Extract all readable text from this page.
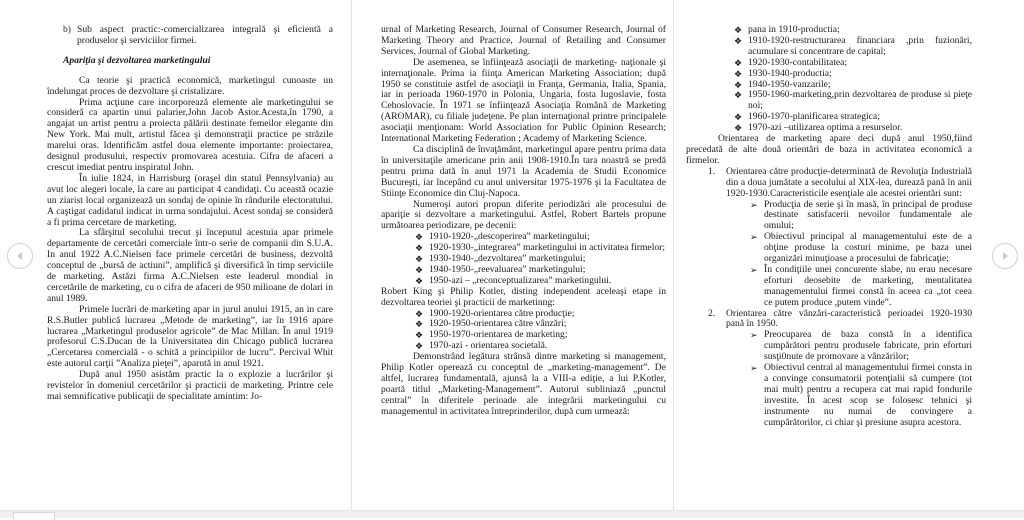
b) Sub aspect practic:-comercializarea integrală şi eficientă a produselor şi serviciilor firmei.

Apariţia şi dezvoltarea marketingului

Ca teorie şi practică economică, marketingul cunoaste un îndelungat proces de dezvoltare şi cristalizare.

Prima acţiune care incorporează elemente ale marketingului se consideră ca apartin unui palarier,John Jacob Astor.Acesta,în 1790, a angajat un artist pentru a proiecta pălării destinate femeilor elegante din New York. Mai mult, artistul făcea şi demonstraţii practice pe străzile marelui oras. Identificăm astfel doua elemente importante: proiectarea, designul produsului, respectiv promovarea acestuia. Cifra de afaceri a crescut imediat pentru inspiratul John.

În iulie 1824, in Harrisburg (oraşel din statul Pennsylvania) au avut loc alegeri locale, la care au participat 4 candidaţi. Cu această ocazie un ziarist local organizează un sondaj de opinie în rândurile electoratului. A caştigat cadidatul indicat in urma sondajului. Acest sondaj se consideră a fi prima cercetare de marketing.

La sfârşitul secolului trecut şi începutul acestuia apar primele departamente de cercetări comerciale într-o serie de companii din S.U.A. In anul 1922 A.C.Nielsen face primele cercetări de business, dezvoltă conceptul de „bursă de actiuni”, amplifică şi diversifică în timp serviciile de marketing. Astăzi firma A.C.Nielsen este leaderul mondial in cercetările de marketing, cu o cifra de afaceri de 950 milioane de dolari in anul 1989.

Primele lucrări de marketing apar in jurul anului 1915, an in care R.S.Butler publică lucrarea „Metode de marketing”, iar în 1916 apare lucrarea „Marketingul produselor agricole” de Mac Millan. În anul 1919 profesorul C.S.Ducan de la Universitatea din Chicago publică lucrarea „Cercetarea comercială - o schită a principiilor de lucru”. Percival Whit este autorul carţii ”Analiza pieţei”, aparută in anul 1921.

După anul 1950 asistăm practic la o explozie a lucrărilor şi revistelor în domeniul cercetărilor şi practicii de marketing. Printre cele mai semnificative publicaţii de specialitate amintim: Jo-

urnal of Marketing Research, Journal of Consumer Research, Journal of Marketing Theory and Practice, Journal of Retailing and Consumer Services, Journal of Global Marketing.

De asemenea, se înfiinţează asociaţii de marketing- naţionale şi internaţionale. Prima ia fiinţa American Marketing Association; după 1950 se constituie astfel de asociaţii in Franţa, Germania, Italia, Spania, iar in perioada 1960-1970 in Polonia, Ungaria, fosta Iugoslavie, fosta Cehoslovacie. În 1971 se înfiinţează Asociaţia Română de Marketing (AROMAR), cu filiale judeţene. Pe plan internaţional printre principalele asociaţii menţionam: World Association for Public Opinion Research; International Marketing Federation ; Academy of Marketing Science.

Ca disciplină de învaţământ, marketingul apare pentru prima data în universitaţile americane prin anii 1908-1910.În tara noastră se predă pentru prima dată în anul 1971 la Academia de Studii Economice Bucureşti, iar începând cu anul universitar 1975-1976 şi la Facultatea de Stiinţe Economice din Cluj-Napoca.

Numeroşi autori propun diferite periodizări ale procesului de apariţie si dezvoltare a marketingului. Astfel, Robert Bartels propune următoarea periodizare, pe decenii:

❖ 1910-1920-„descoperirea” marketingului;
❖ 1920-1930-„integrarea” marketingului in activitatea firmelor;
❖ 1930-1940-„dezvoltarea” marketingului;
❖ 1940-1950-„reevaluarea” marketingului;
❖ 1950-azi – „reconceptualizarea” marketingului.

Robert King şi Philip Kotler, disting independent aceleaşi etape in dezvoltarea teoriei şi practicii de marketinng:

❖ 1900-1920-orientarea către producţie;
❖ 1920-1950-orientarea către vânzări;
❖ 1950-1970-orientarea de marketing;
❖ 1970-azi - orientarea societală.

Demonstrând legătura strânsă dintre marketing si management, Philip Kotler operează cu conceptul de „marketing-management”. De altfel, lucrarea fundamentală, ajunsă la a VIII-a ediţie, a lui P.Kotler, poartă titlul „Marketing-Management”. Autorul subliniază „punctul central” în diferitele perioade ale integrării marketingului cu managementul in activitatea întreprinderilor, după cum urmează:

❖ pana in 1910-productia;
❖ 1910-1920-restructurarea financiara ,prin fuzionări, acumulare si concentrare de capital;
❖ 1920-1930-contabilitatea;
❖ 1930-1940-productia;
❖ 1940-1950-vanzarile;
❖ 1950-1960-marketing,prin dezvoltarea de produse si pieţe noi;
❖ 1960-1970-planificarea strategica;
❖ 1970-azi –utilizarea optima a resurselor.

Orientarea de marketing apare deci după anul 1950,fiind precedată de alte două orientări de baza in activitatea economică a firmelor.

1.	Orientarea către producţie-determinată de Revoluţia Industrială din a doua jumătate a secolului al XIX-lea, durează pană în anii 1920-1930.Caracteristicile esenţiale ale acestei orientări sunt:
➢ Producţia de serie şi în masă, în principal de produse destinate satisfacerii nevoilor fundamentale ale omului;
➢ Obiectivul principal al managementului este de a obţine produse la costuri minime, pe baza unei organizări minuţioase a procesului de fabricaţie;
➢ În condiţiile unei concurente slabe, nu erau necesare eforturi deosebite de marketing, mentalitatea managementului firmei constă în aceea ca „tot ceea ce putem produce ,putem vinde”.
2.	Orientarea către vânzări-caracteristică perioadei 1920-1930 pană în 1950.
➢ Preocuparea de baza constă în a identifica cumpărători pentru produsele fabricate, prin eforturi susţi0nute de promovare a vânzărilor;
➢ Obiectivul central al managementului firmei consta in a convinge consumatorii potenţialii să cumpere (tot mai mult) pentru a recupera cat mai rapid fondurile investite. În acest scop se folosesc tehnici şi instrumente nu numai de convingere a cumpărătorilor, ci chiar şi presiune asupra acestora.
